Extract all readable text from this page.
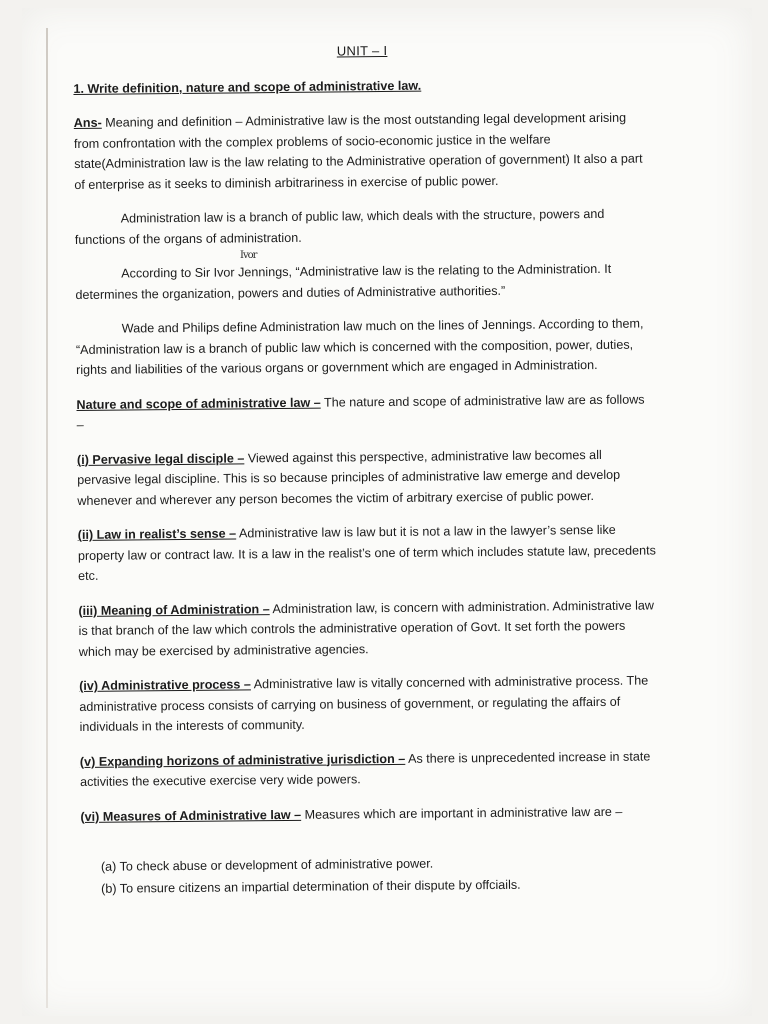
Ivor
UNIT – I
1. Write definition, nature and scope of administrative law.

Ans- Meaning and definition – Administrative law is the most outstanding legal development arising from confrontation with the complex problems of socio-economic justice in the welfare state(Administration law is the law relating to the Administrative operation of government) It also a part of enterprise as it seeks to diminish arbitrariness in exercise of public power.

Administration law is a branch of public law, which deals with the structure, powers and functions of the organs of administration.

According to Sir Ivor Jennings, “Administrative law is the relating to the Administration. It determines the organization, powers and duties of Administrative authorities.”

Wade and Philips define Administration law much on the lines of Jennings. According to them, “Administration law is a branch of public law which is concerned with the composition, power, duties, rights and liabilities of the various organs or government which are engaged in Administration.

Nature and scope of administrative law – The nature and scope of administrative law are as follows –

(i) Pervasive legal disciple – Viewed against this perspective, administrative law becomes all pervasive legal discipline. This is so because principles of administrative law emerge and develop whenever and wherever any person becomes the victim of arbitrary exercise of public power.

(ii) Law in realist’s sense – Administrative law is law but it is not a law in the lawyer’s sense like property law or contract law. It is a law in the realist’s one of term which includes statute law, precedents etc.

(iii) Meaning of Administration – Administration law, is concern with administration. Administrative law is that branch of the law which controls the administrative operation of Govt. It set forth the powers which may be exercised by administrative agencies.

(iv) Administrative process – Administrative law is vitally concerned with administrative process. The administrative process consists of carrying on business of government, or regulating the affairs of individuals in the interests of community.

(v) Expanding horizons of administrative jurisdiction – As there is unprecedented increase in state activities the executive exercise very wide powers.

(vi) Measures of Administrative law – Measures which are important in administrative law are –

(a) To check abuse or development of administrative power.
(b) To ensure citizens an impartial determination of their dispute by offciails.
